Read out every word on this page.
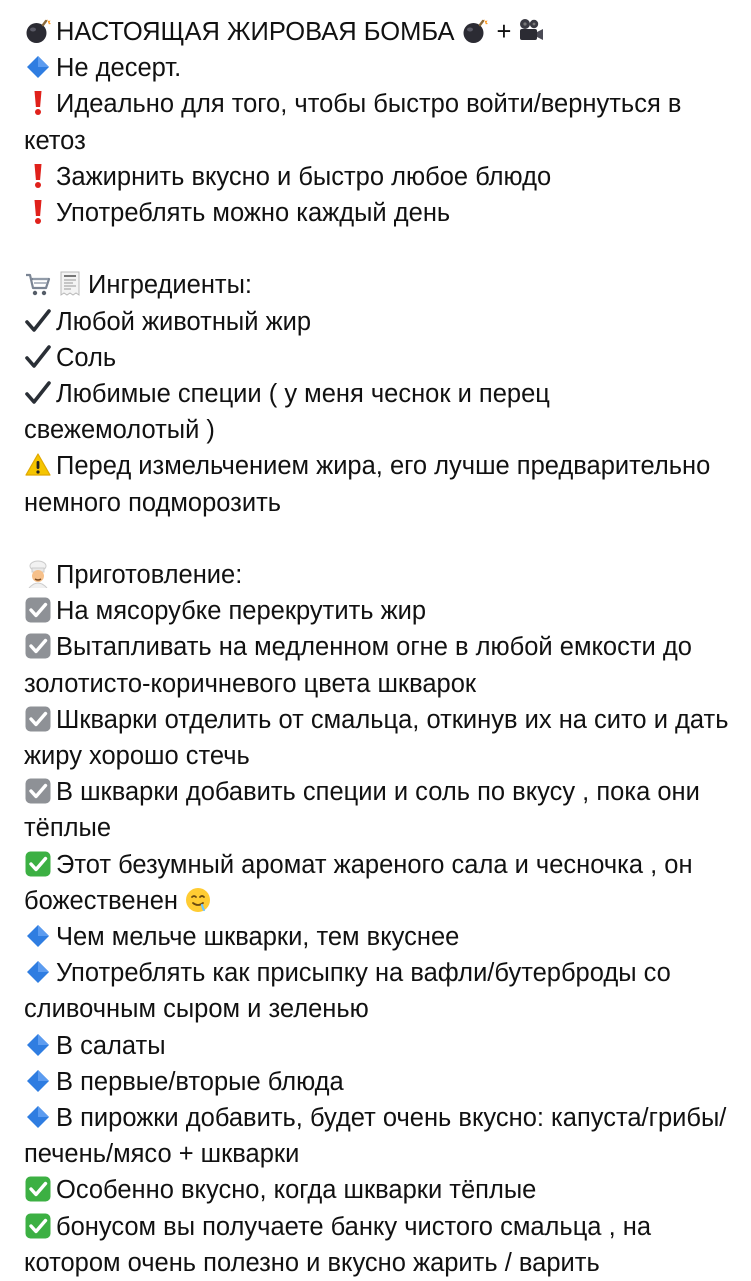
НАСТОЯЩАЯ ЖИРОВАЯ БОМБА +
Не десерт.
Идеально для того, чтобы быстро войти/вернуться в кетоз
Зажирнить вкусно и быстро любое блюдо
Употреблять можно каждый день
Ингредиенты:
Любой животный жир
Соль
Любимые специи ( у меня чеснок и перец свежемолотый )
Перед измельчением жира, его лучше предварительно немного подморозить
Приготовление:
На мясорубке перекрутить жир
Вытапливать на медленном огне в любой емкости до золотисто-коричневого цвета шкварок
Шкварки отделить от смальца, откинув их на сито и дать жиру хорошо стечь
В шкварки добавить специи и соль по вкусу , пока они тёплые
Этот безумный аромат жареного сала и чесночка , он божественен
Чем мельче шкварки, тем вкуснее
Употреблять как присыпку на вафли/бутерброды со сливочным сыром и зеленью
В салаты
В первые/вторые блюда
В пирожки добавить, будет очень вкусно: капуста/грибы/печень/мясо + шкварки
Особенно вкусно, когда шкварки тёплые
бонусом вы получаете банку чистого смальца , на котором очень полезно и вкусно жарить / варить
